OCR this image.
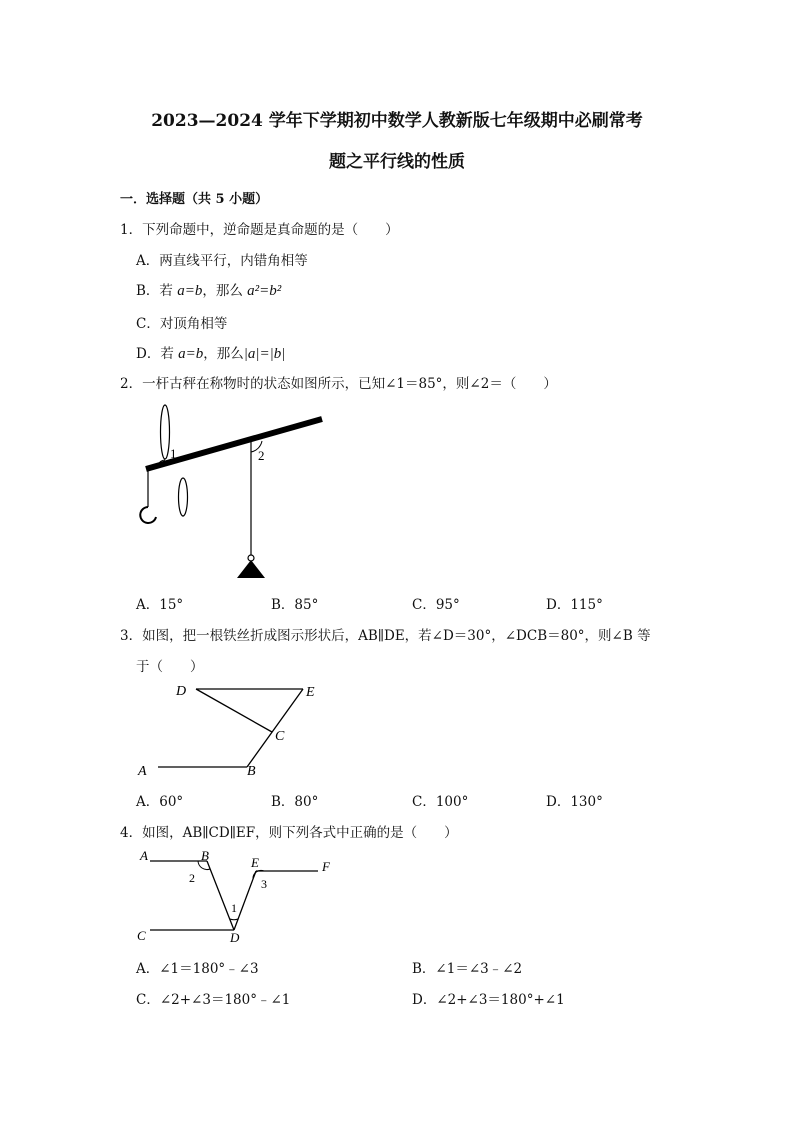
2023—2024 学年下学期初中数学人教新版七年级期中必刷常考
题之平行线的性质
一．选择题（共 5 小题）
1．下列命题中，逆命题是真命题的是（　　）
A．两直线平行，内错角相等
B．若 a=b，那么 a²=b²
C．对顶角相等
D．若 a=b，那么|a|=|b|
2．一杆古秤在称物时的状态如图所示，已知∠1＝85°，则∠2＝（　　）
1	2
A．15°	B．85°	C．95°	D．115°
3．如图，把一根铁丝折成图示形状后，AB∥DE，若∠D＝30°，∠DCB＝80°，则∠B 等
于（　　）
D	E
C
A	B
A．60°	B．80°	C．100°	D．130°
4．如图，AB∥CD∥EF，则下列各式中正确的是（　　）
A	B	E	F
C	D
2
1
3
A．∠1＝180°﹣∠3	B．∠1＝∠3﹣∠2
C．∠2+∠3＝180°﹣∠1	D．∠2+∠3＝180°+∠1
